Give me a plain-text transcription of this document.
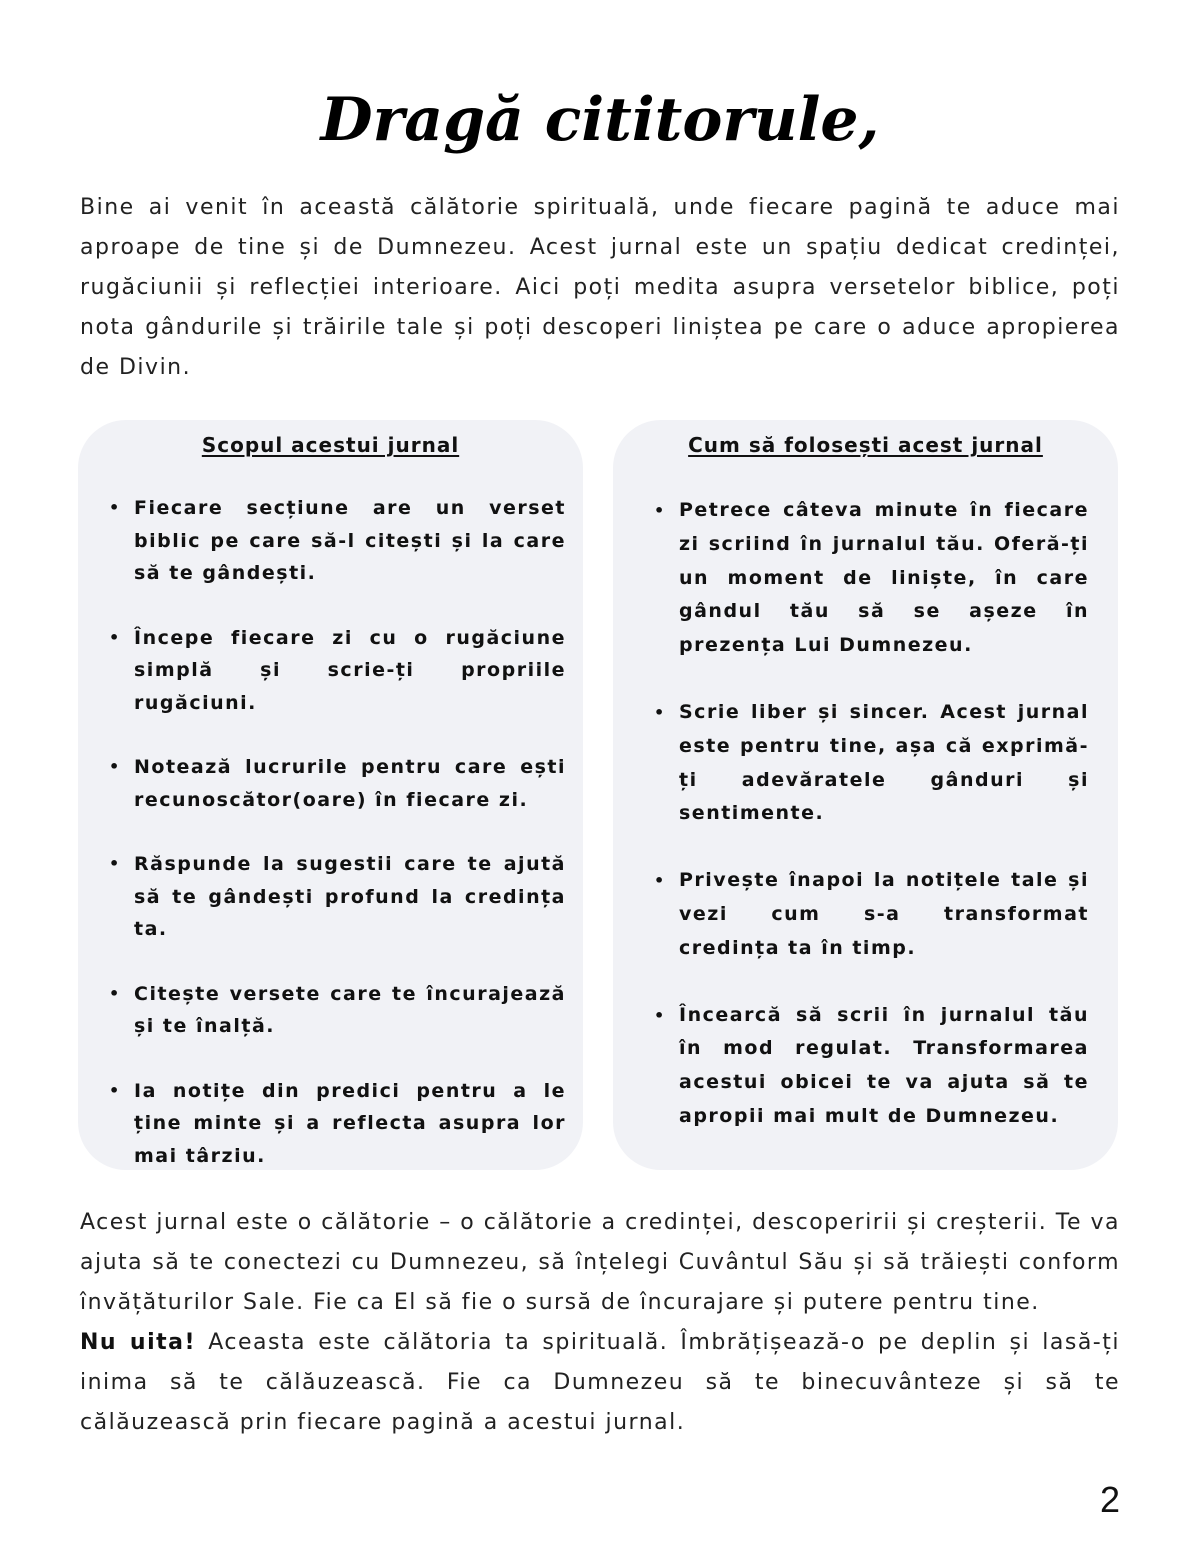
Dragă cititorule,

Bine ai venit în această călătorie spirituală, unde fiecare pagină te aduce mai aproape de tine și de Dumnezeu. Acest jurnal este un spațiu dedicat credinței, rugăciunii și reflecției interioare. Aici poți medita asupra versetelor biblice, poți nota gândurile și trăirile tale și poți descoperi liniștea pe care o aduce apropierea de Divin.

Scopul acestui jurnal
• Fiecare secțiune are un verset biblic pe care să-l citești și la care să te gândești.
• Începe fiecare zi cu o rugăciune simplă și scrie-ți propriile rugăciuni.
• Notează lucrurile pentru care ești recunoscător(oare) în fiecare zi.
• Răspunde la sugestii care te ajută să te gândești profund la credința ta.
• Citește versete care te încurajează și te înalță.
• Ia notițe din predici pentru a le ține minte și a reflecta asupra lor mai târziu.
Cum să folosești acest jurnal
• Petrece câteva minute în fiecare zi scriind în jurnalul tău. Oferă-ți un moment de liniște, în care gândul tău să se așeze în prezența Lui Dumnezeu.
• Scrie liber și sincer. Acest jurnal este pentru tine, așa că exprimă-ți adevăratele gânduri și sentimente.
• Privește înapoi la notițele tale și vezi cum s-a transformat credința ta în timp.
• Încearcă să scrii în jurnalul tău în mod regulat. Transformarea acestui obicei te va ajuta să te apropii mai mult de Dumnezeu.
Acest jurnal este o călătorie – o călătorie a credinței, descoperirii și creșterii. Te va ajuta să te conectezi cu Dumnezeu, să înțelegi Cuvântul Său și să trăiești conform învățăturilor Sale. Fie ca El să fie o sursă de încurajare și putere pentru tine.
Nu uita! Aceasta este călătoria ta spirituală. Îmbrățișează-o pe deplin și lasă-ți inima să te călăuzească. Fie ca Dumnezeu să te binecuvânteze și să te călăuzească prin fiecare pagină a acestui jurnal.
2
